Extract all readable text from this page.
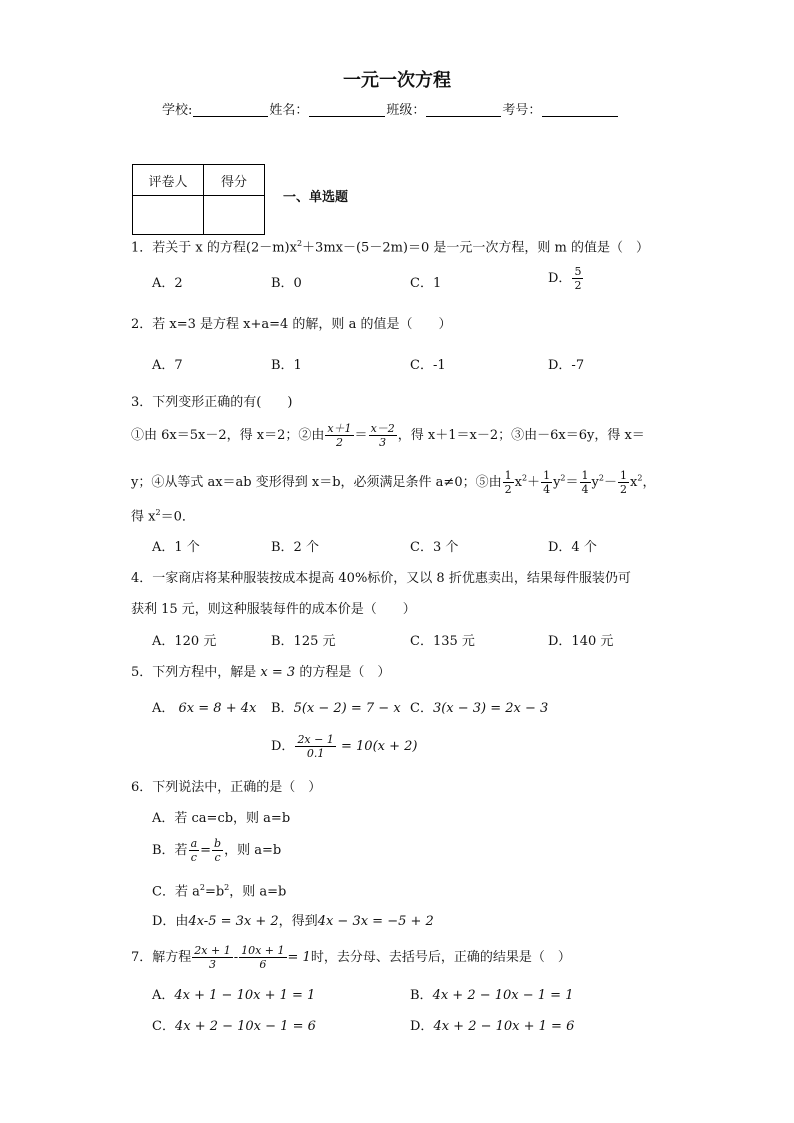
一元一次方程
学校:	姓名：	班级：	考号：
评卷人	得分

一、单选题
1．若关于 x 的方程$(2-m)x^2+3mx-(5-2m)=0$ 是一元一次方程，则 m 的值是（　）
A．2	B．0	C．1	D． $\frac{5}{2}$
2．若 x=3 是方程 x+a=4 的解，则 a 的值是（　　）
A．7	B．1	C．-1	D．-7
3．下列变形正确的有(　　)
①由 6x＝5x－2，得 x＝2；②由 $\frac{x+1}{2} = \frac{x-2}{3}$ ，得 x＋1＝x－2；③由－6x＝6y，得 x＝
y；④从等式 ax＝ab 变形得到 x＝b，必须满足条件 a≠0；⑤由 $\frac{1}{2} x^2+ \frac{1}{4} y^2= \frac{1}{4} y^2- \frac{1}{2} x^2$，
得 $x^2=0$．
A．1 个	B．2 个	C．3 个	D．4 个
4．一家商店将某种服装按成本提高 40%标价，又以 8 折优惠卖出，结果每件服装仍可
获利 15 元，则这种服装每件的成本价是（　　）
A．120 元	B．125 元	C．135 元	D．140 元
5．下列方程中，解是 x = 3 的方程是（　）
A． 6x = 8 + 4x B．5(x − 2) = 7 − x C．3(x − 3) = 2x − 3
D． $\frac{2x - 1}{0.1} = 10(x + 2)$
6．下列说法中，正确的是（　）
A．若 ca=cb，则 a=b
B．若 $\frac{a}{c} = \frac{b}{c}$ ，则 a=b
C．若 $a^2=b^2$，则 a=b
D．由4x-5 = 3x + 2，得到4x − 3x = −5 + 2
7．解方程 $\frac{2x + 1}{3} - \frac{10x + 1}{6} = 1$时，去分母、去括号后，正确的结果是（　）
A．4x + 1 − 10x + 1 = 1	B．4x + 2 − 10x − 1 = 1
C．4x + 2 − 10x − 1 = 6	D．4x + 2 − 10x + 1 = 6
